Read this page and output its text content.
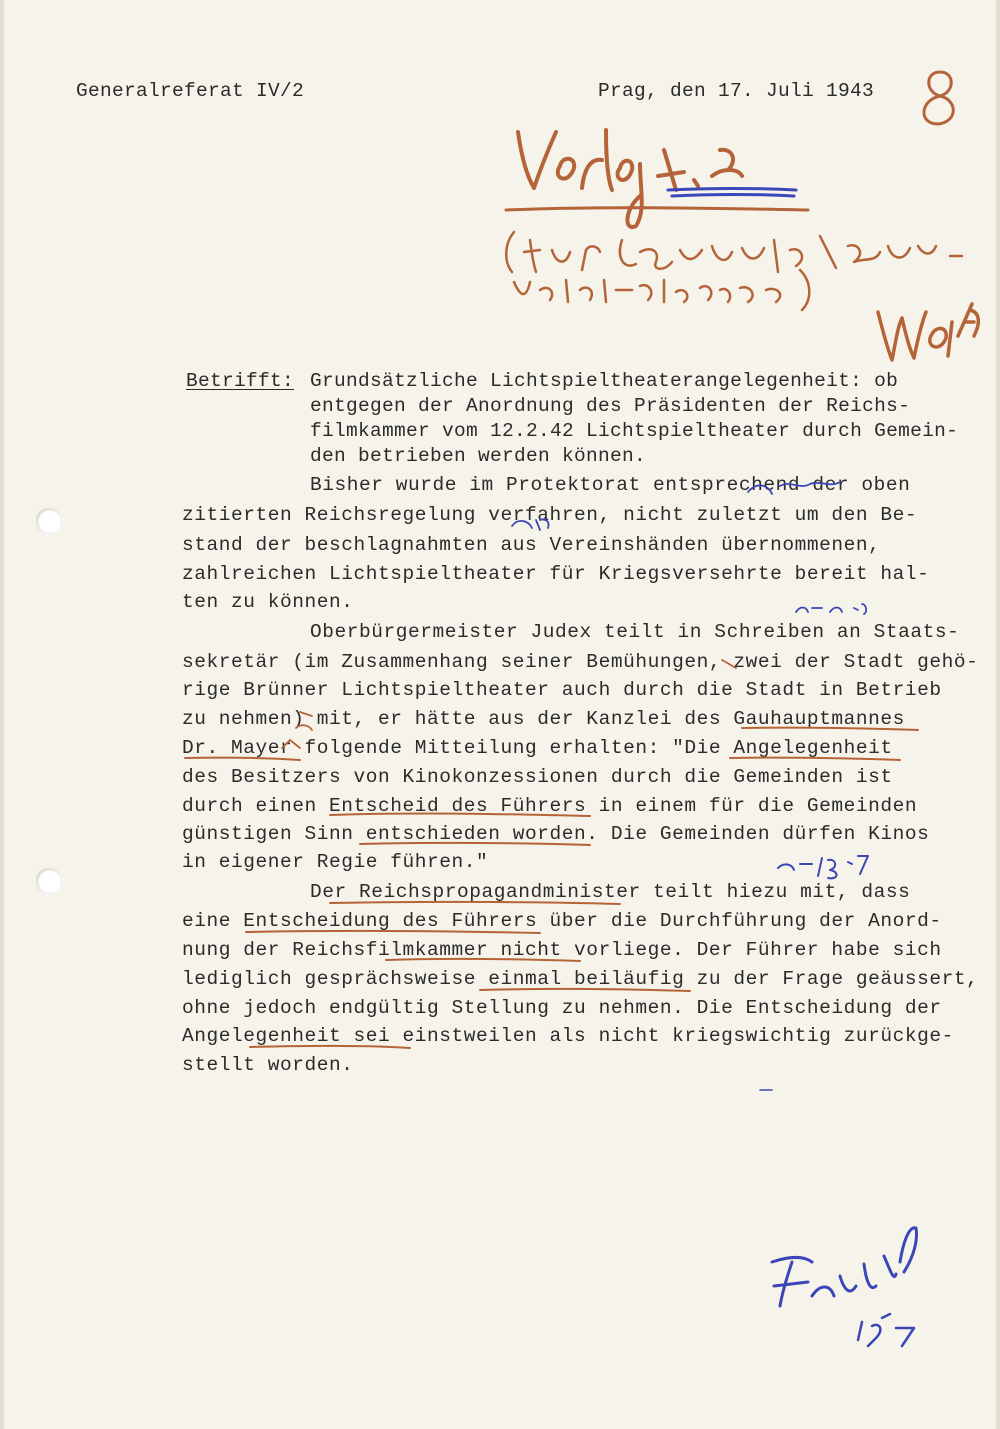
Generalreferat IV/2	Prag, den 17. Juli 1943
Betrifft: Grundsätzliche Lichtspieltheaterangelegenheit: ob
entgegen der Anordnung des Präsidenten der Reichs-
filmkammer vom 12.2.42 Lichtspieltheater durch Gemein-
den betrieben werden können.
Bisher wurde im Protektorat entsprechend der oben
zitierten Reichsregelung verfahren, nicht zuletzt um den Be-
stand der beschlagnahmten aus Vereinshänden übernommenen,
zahlreichen Lichtspieltheater für Kriegsversehrte bereit hal-
ten zu können.
Oberbürgermeister Judex teilt in Schreiben an Staats-
sekretär (im Zusammenhang seiner Bemühungen, zwei der Stadt gehö-
rige Brünner Lichtspieltheater auch durch die Stadt in Betrieb
zu nehmen) mit, er hätte aus der Kanzlei des Gauhauptmannes
Dr. Mayer folgende Mitteilung erhalten: "Die Angelegenheit
des Besitzers von Kinokonzessionen durch die Gemeinden ist
durch einen Entscheid des Führers in einem für die Gemeinden
günstigen Sinn entschieden worden. Die Gemeinden dürfen Kinos
in eigener Regie führen."
Der Reichspropagandminister teilt hiezu mit, dass
eine Entscheidung des Führers über die Durchführung der Anord-
nung der Reichsfilmkammer nicht vorliege. Der Führer habe sich
lediglich gesprächsweise einmal beiläufig zu der Frage geäussert,
ohne jedoch endgültig Stellung zu nehmen. Die Entscheidung der
Angelegenheit sei einstweilen als nicht kriegswichtig zurückge-
stellt worden.
